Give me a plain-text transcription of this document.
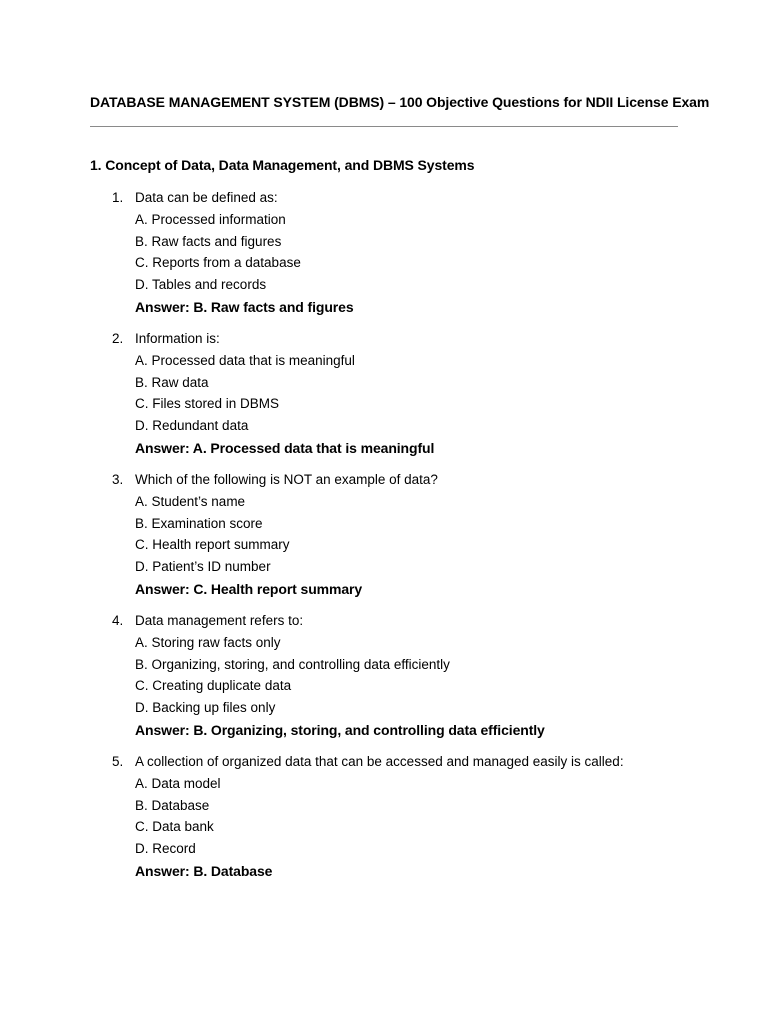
DATABASE MANAGEMENT SYSTEM (DBMS) – 100 Objective Questions for NDII License Exam
1. Concept of Data, Data Management, and DBMS Systems
1. Data can be defined as:
A. Processed information
B. Raw facts and figures
C. Reports from a database
D. Tables and records
Answer: B. Raw facts and figures
2. Information is:
A. Processed data that is meaningful
B. Raw data
C. Files stored in DBMS
D. Redundant data
Answer: A. Processed data that is meaningful
3. Which of the following is NOT an example of data?
A. Student’s name
B. Examination score
C. Health report summary
D. Patient’s ID number
Answer: C. Health report summary
4. Data management refers to:
A. Storing raw facts only
B. Organizing, storing, and controlling data efficiently
C. Creating duplicate data
D. Backing up files only
Answer: B. Organizing, storing, and controlling data efficiently
5. A collection of organized data that can be accessed and managed easily is called:
A. Data model
B. Database
C. Data bank
D. Record
Answer: B. Database
